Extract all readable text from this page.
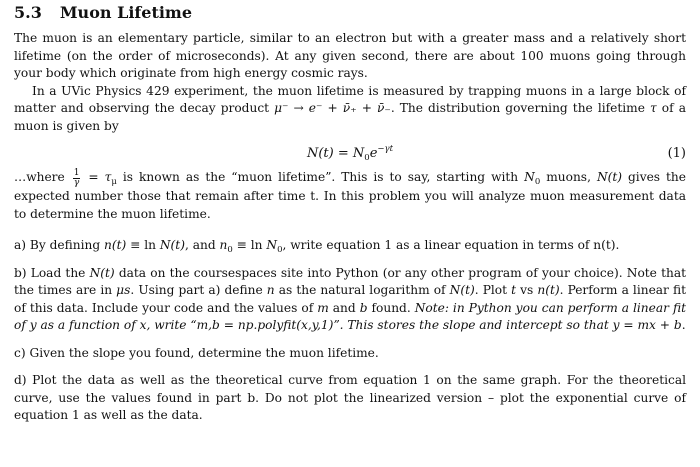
5.3 Muon Lifetime

The muon is an elementary particle, similar to an electron but with a greater mass and a relatively short lifetime (on the order of microseconds). At any given second, there are about 100 muons going through your body which originate from high energy cosmic rays.

In a UVic Physics 429 experiment, the muon lifetime is measured by trapping muons in a large block of matter and observing the decay product μ⁻ → e⁻ + ν̄₊ + ν̄₋. The distribution governing the lifetime τ of a muon is given by

$N(t) = N_0e^{-\gamma t}$	(1)

…where $\frac{1}{\gamma} = \tau_\mu$ is known as the “muon lifetime”. This is to say, starting with $N_0$ muons, N(t) gives the expected number those that remain after time t. In this problem you will analyze muon measurement data to determine the muon lifetime.

a) By defining n(t) ≡ ln N(t), and $n_0 \equiv \ln N_0$, write equation 1 as a linear equation in terms of n(t).

b) Load the N(t) data on the coursespaces site into Python (or any other program of your choice). Note that the times are in μs. Using part a) define n as the natural logarithm of N(t). Plot t vs n(t). Perform a linear fit of this data. Include your code and the values of m and b found. Note: in Python you can perform a linear fit of y as a function of x, write “m,b = np.polyfit(x,y,1)”. This stores the slope and intercept so that y = mx + b.

c) Given the slope you found, determine the muon lifetime.

d) Plot the data as well as the theoretical curve from equation 1 on the same graph. For the theoretical curve, use the values found in part b. Do not plot the linearized version – plot the exponential curve of equation 1 as well as the data.
